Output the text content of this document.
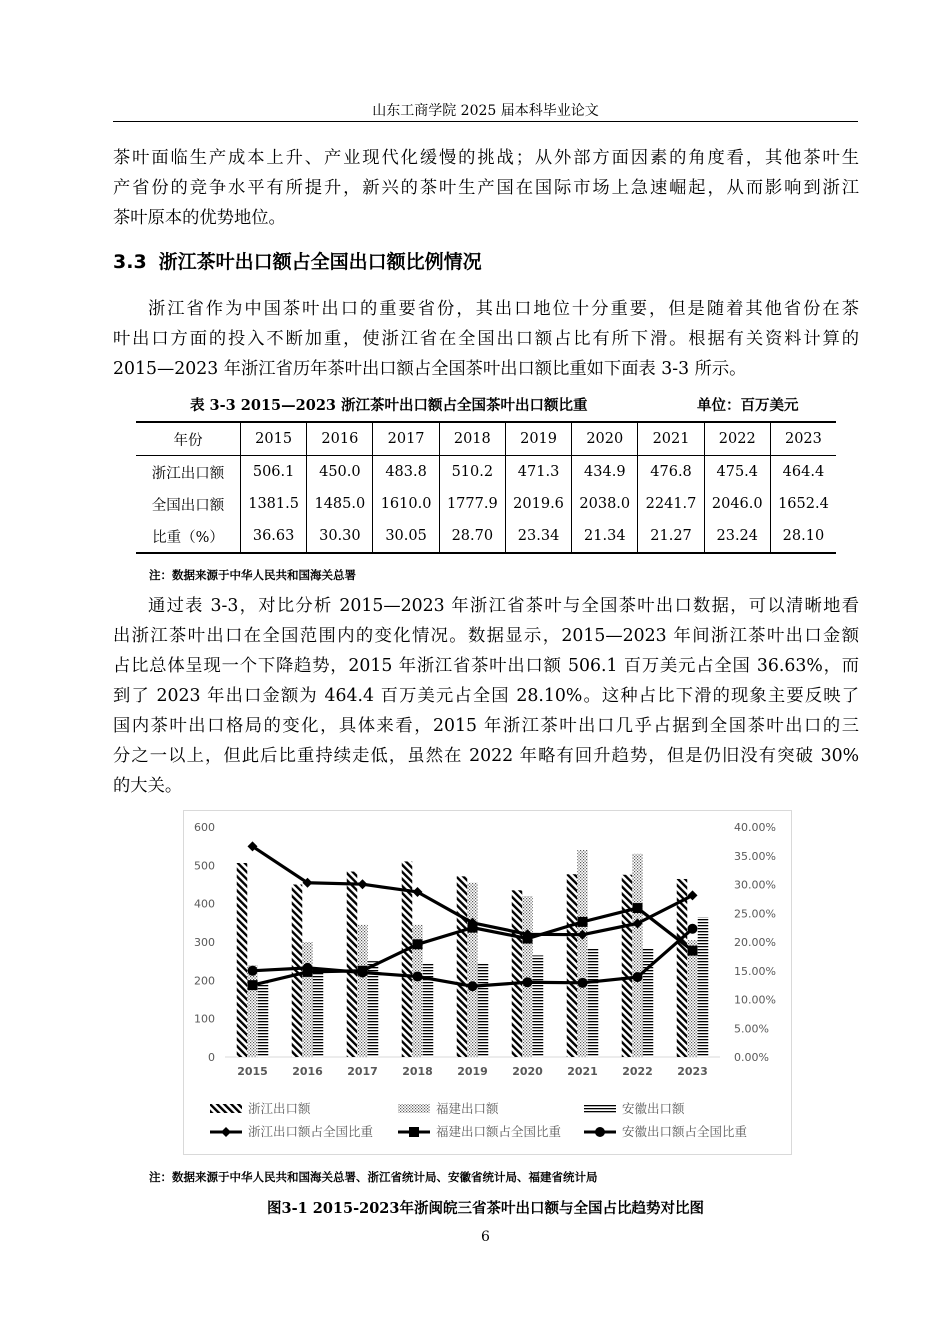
山东工商学院 2025 届本科毕业论文
茶叶面临生产成本上升、产业现代化缓慢的挑战；从外部方面因素的角度看，其他茶叶生
产省份的竞争水平有所提升，新兴的茶叶生产国在国际市场上急速崛起，从而影响到浙江
茶叶原本的优势地位。
3.3 浙江茶叶出口额占全国出口额比例情况
浙江省作为中国茶叶出口的重要省份，其出口地位十分重要，但是随着其他省份在茶
叶出口方面的投入不断加重，使浙江省在全国出口额占比有所下滑。根据有关资料计算的
2015—2023 年浙江省历年茶叶出口额占全国茶叶出口额比重如下面表 3-3 所示。
表 3-3 2015—2023 浙江茶叶出口额占全国茶叶出口额比重	单位：百万美元
年份	2015	2016	2017	2018	2019	2020	2021	2022	2023
浙江出口额	506.1	450.0	483.8	510.2	471.3	434.9	476.8	475.4	464.4
全国出口额	1381.5	1485.0	1610.0	1777.9	2019.6	2038.0	2241.7	2046.0	1652.4
比重（%）	36.63	30.30	30.05	28.70	23.34	21.34	21.27	23.24	28.10
注：数据来源于中华人民共和国海关总署
通过表 3-3，对比分析 2015—2023 年浙江省茶叶与全国茶叶出口数据，可以清晰地看
出浙江茶叶出口在全国范围内的变化情况。数据显示，2015—2023 年间浙江茶叶出口金额
占比总体呈现一个下降趋势，2015 年浙江省茶叶出口额 506.1 百万美元占全国 36.63%，而
到了 2023 年出口金额为 464.4 百万美元占全国 28.10%。这种占比下滑的现象主要反映了
国内茶叶出口格局的变化，具体来看，2015 年浙江茶叶出口几乎占据到全国茶叶出口的三
分之一以上，但此后比重持续走低，虽然在 2022 年略有回升趋势，但是仍旧没有突破 30%
的大关。
0
100
200
300
400
500
600
0.00%
5.00%
10.00%
15.00%
20.00%
25.00%
30.00%
35.00%
40.00%
2015 2016 2017 2018 2019 2020 2021 2022 2023
浙江出口额	福建出口额	安徽出口额
浙江出口额占全国比重	福建出口额占全国比重	安徽出口额占全国比重
注：数据来源于中华人民共和国海关总署、浙江省统计局、安徽省统计局、福建省统计局
图3-1 2015-2023年浙闽皖三省茶叶出口额与全国占比趋势对比图
6
